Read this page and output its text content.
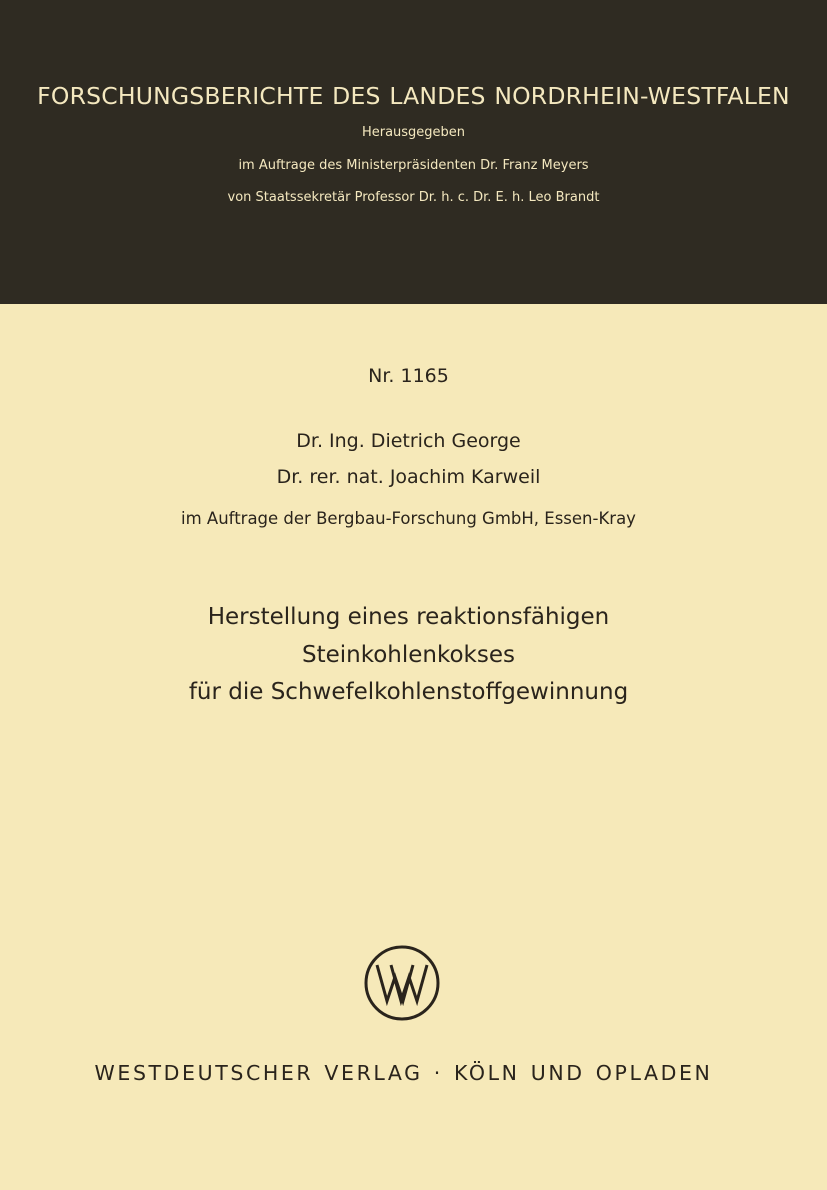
FORSCHUNGSBERICHTE DES LANDES NORDRHEIN-WESTFALEN
Herausgegeben
im Auftrage des Ministerpräsidenten Dr. Franz Meyers
von Staatssekretär Professor Dr. h. c. Dr. E. h. Leo Brandt
Nr. 1165
Dr. Ing. Dietrich George
Dr. rer. nat. Joachim Karweil
im Auftrage der Bergbau-Forschung GmbH, Essen-Kray
Herstellung eines reaktionsfähigen
Steinkohlenkokses
für die Schwefelkohlenstoffgewinnung
WESTDEUTSCHER VERLAG · KÖLN UND OPLADEN
